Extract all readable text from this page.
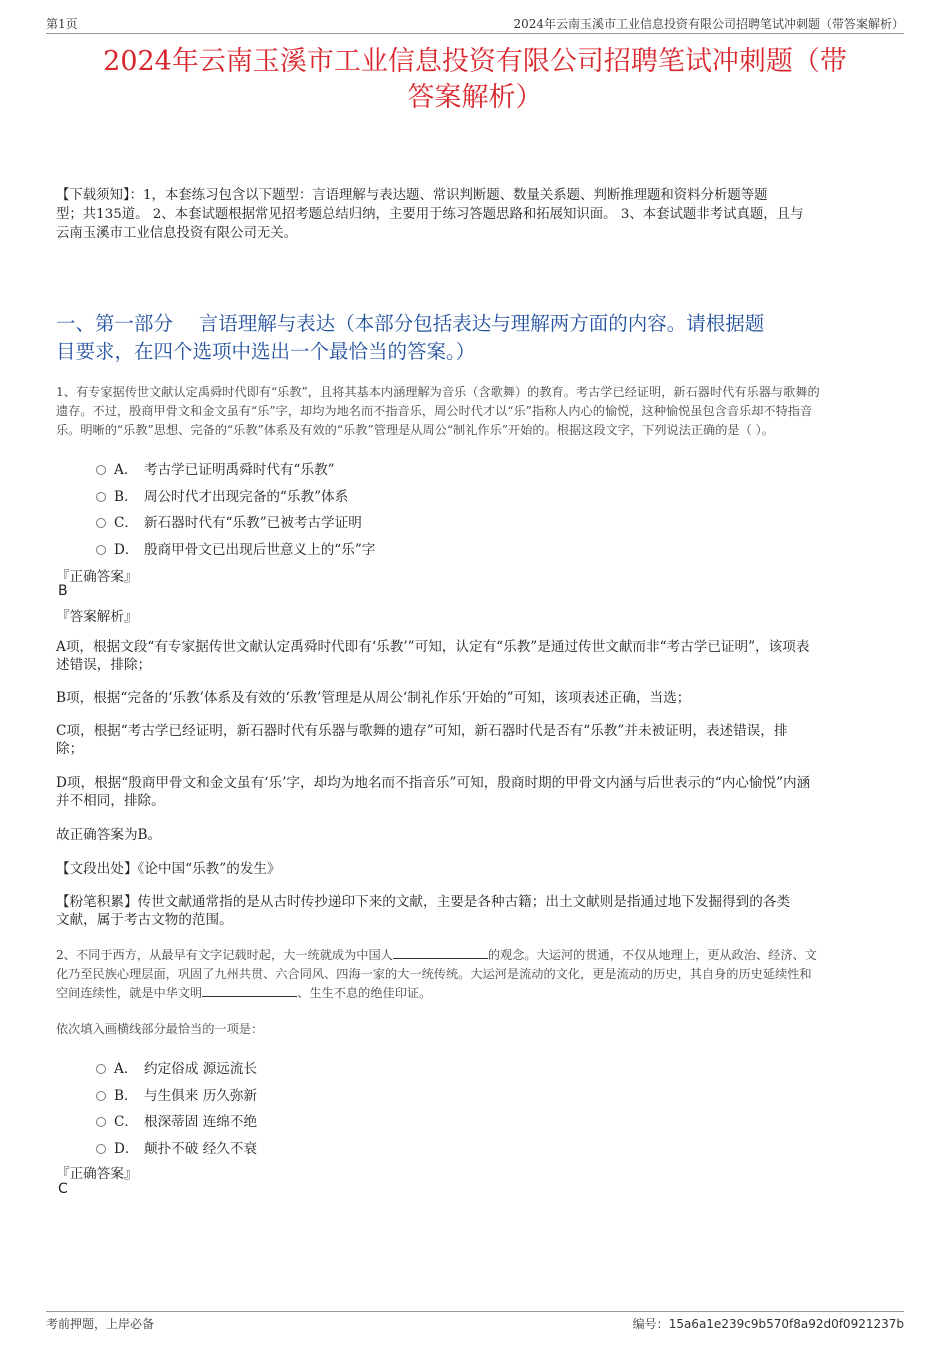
第1页	2024年云南玉溪市工业信息投资有限公司招聘笔试冲刺题（带答案解析）
2024年云南玉溪市工业信息投资有限公司招聘笔试冲刺题（带
答案解析）
【下载须知】：1，本套练习包含以下题型：言语理解与表达题、常识判断题、数量关系题、判断推理题和资料分析题等题
型；共135道。 2、本套试题根据常见招考题总结归纳，主要用于练习答题思路和拓展知识面。 3、本套试题非考试真题，且与
云南玉溪市工业信息投资有限公司无关。
一、第一部分　 言语理解与表达（本部分包括表达与理解两方面的内容。请根据题
目要求，在四个选项中选出一个最恰当的答案。）
1、有专家据传世文献认定禹舜时代即有“乐教”，且将其基本内涵理解为音乐（含歌舞）的教育。考古学已经证明，新石器时代有乐器与歌舞的
遗存。不过，殷商甲骨文和金文虽有“乐”字，却均为地名而不指音乐，周公时代才以“乐”指称人内心的愉悦，这种愉悦虽包含音乐却不特指音
乐。明晰的“乐教”思想、完备的“乐教”体系及有效的“乐教”管理是从周公“制礼作乐”开始的。根据这段文字，下列说法正确的是（ ）。
A． 考古学已证明禹舜时代有“乐教”
B． 周公时代才出现完备的“乐教”体系
C． 新石器时代有“乐教”已被考古学证明
D． 殷商甲骨文已出现后世意义上的“乐”字
『正确答案』
B
『答案解析』
A项，根据文段“有专家据传世文献认定禹舜时代即有‘乐教’”可知，认定有“乐教”是通过传世文献而非“考古学已证明”，该项表
述错误，排除；
B项，根据“完备的‘乐教’体系及有效的‘乐教’管理是从周公‘制礼作乐’开始的”可知，该项表述正确，当选；
C项，根据“考古学已经证明，新石器时代有乐器与歌舞的遗存”可知，新石器时代是否有“乐教”并未被证明，表述错误，排
除；
D项，根据“殷商甲骨文和金文虽有‘乐’字，却均为地名而不指音乐”可知，殷商时期的甲骨文内涵与后世表示的“内心愉悦”内涵
并不相同，排除。
故正确答案为B。
【文段出处】《论中国“乐教”的发生》
【粉笔积累】传世文献通常指的是从古时传抄递印下来的文献，主要是各种古籍；出土文献则是指通过地下发掘得到的各类
文献，属于考古文物的范围。
2、不同于西方，从最早有文字记载时起，大一统就成为中国人	的观念。大运河的贯通，不仅从地理上，更从政治、经济、文
化乃至民族心理层面，巩固了九州共贯、六合同风、四海一家的大一统传统。大运河是流动的文化，更是流动的历史，其自身的历史延续性和
空间连续性，就是中华文明	、生生不息的绝佳印证。
依次填入画横线部分最恰当的一项是：
A． 约定俗成 源远流长
B． 与生俱来 历久弥新
C． 根深蒂固 连绵不绝
D． 颠扑不破 经久不衰
『正确答案』
C
考前押题，上岸必备	编号：15a6a1e239c9b570f8a92d0f0921237b
